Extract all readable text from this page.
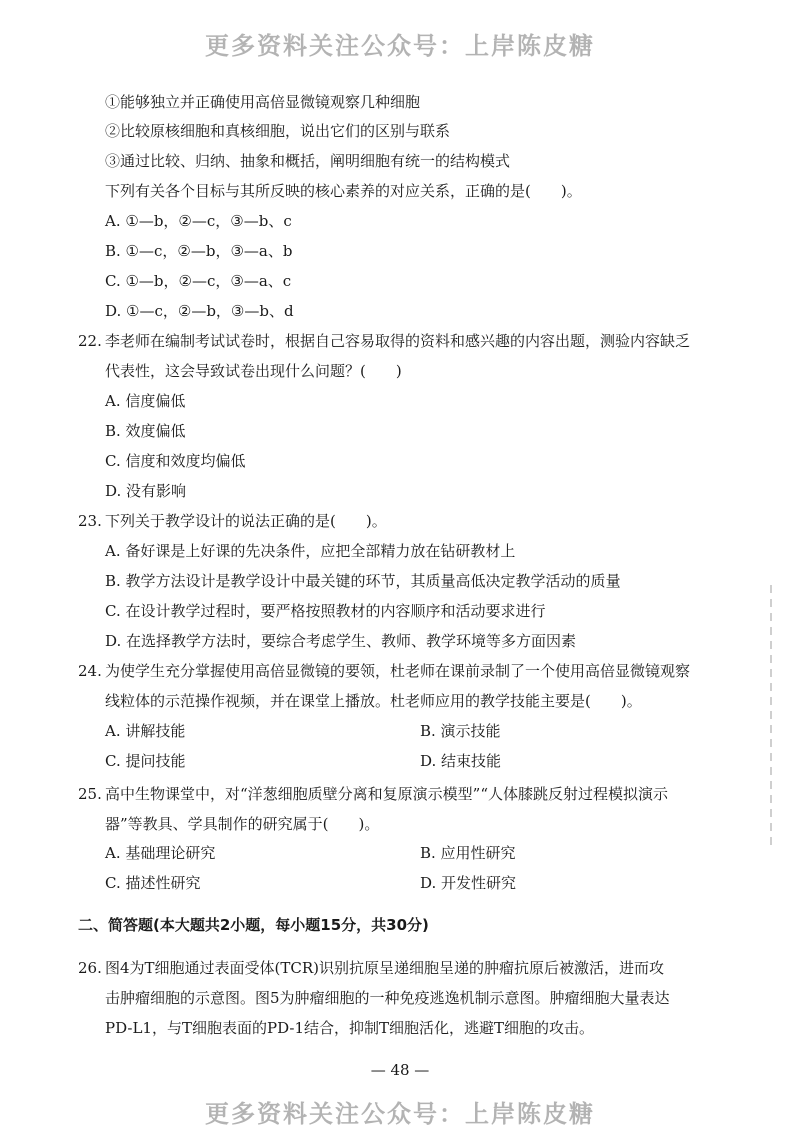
更多资料关注公众号：上岸陈皮糖
①能够独立并正确使用高倍显微镜观察几种细胞
②比较原核细胞和真核细胞，说出它们的区别与联系
③通过比较、归纳、抽象和概括，阐明细胞有统一的结构模式
下列有关各个目标与其所反映的核心素养的对应关系，正确的是(　　)。
A. ①—b，②—c，③—b、c
B. ①—c，②—b，③—a、b
C. ①—b，②—c，③—a、c
D. ①—c，②—b，③—b、d
22. 李老师在编制考试试卷时，根据自己容易取得的资料和感兴趣的内容出题，测验内容缺乏
代表性，这会导致试卷出现什么问题？(　　)
A. 信度偏低
B. 效度偏低
C. 信度和效度均偏低
D. 没有影响
23. 下列关于教学设计的说法正确的是(　　)。
A. 备好课是上好课的先决条件，应把全部精力放在钻研教材上
B. 教学方法设计是教学设计中最关键的环节，其质量高低决定教学活动的质量
C. 在设计教学过程时，要严格按照教材的内容顺序和活动要求进行
D. 在选择教学方法时，要综合考虑学生、教师、教学环境等多方面因素
24. 为使学生充分掌握使用高倍显微镜的要领，杜老师在课前录制了一个使用高倍显微镜观察
线粒体的示范操作视频，并在课堂上播放。杜老师应用的教学技能主要是(　　)。
A. 讲解技能	B. 演示技能
C. 提问技能	D. 结束技能
25. 高中生物课堂中，对“洋葱细胞质壁分离和复原演示模型”“人体膝跳反射过程模拟演示
器”等教具、学具制作的研究属于(　　)。
A. 基础理论研究	B. 应用性研究
C. 描述性研究	D. 开发性研究
二、简答题(本大题共2小题，每小题15分，共30分)
26. 图4为T细胞通过表面受体(TCR)识别抗原呈递细胞呈递的肿瘤抗原后被激活，进而攻
击肿瘤细胞的示意图。图5为肿瘤细胞的一种免疫逃逸机制示意图。肿瘤细胞大量表达
PD-L1，与T细胞表面的PD-1结合，抑制T细胞活化，逃避T细胞的攻击。
— 48 —
更多资料关注公众号：上岸陈皮糖
